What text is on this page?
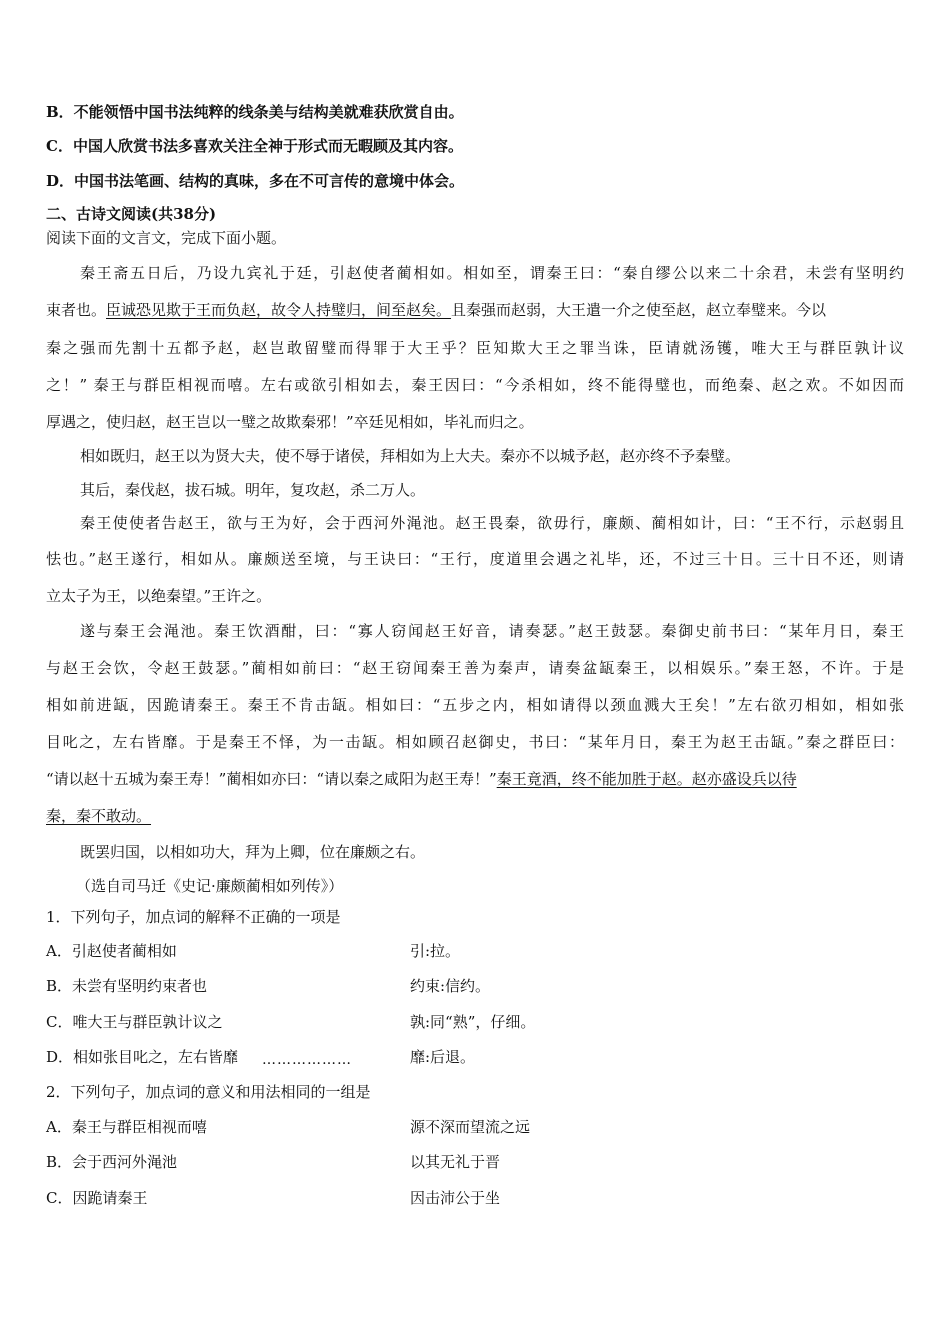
B．不能领悟中国书法纯粹的线条美与结构美就难获欣赏自由。
C．中国人欣赏书法多喜欢关注全神于形式而无暇顾及其内容。
D．中国书法笔画、结构的真味，多在不可言传的意境中体会。
二、古诗文阅读(共38分)
阅读下面的文言文，完成下面小题。
秦王斋五日后，乃设九宾礼于廷，引赵使者蔺相如。相如至，谓秦王曰：“秦自缪公以来二十余君，未尝有坚明约
束者也。臣诚恐见欺于王而负赵，故令人持璧归，间至赵矣。且秦强而赵弱，大王遣一介之使至赵，赵立奉璧来。今以
秦之强而先割十五都予赵，赵岂敢留璧而得罪于大王乎？臣知欺大王之罪当诛，臣请就汤镬，唯大王与群臣孰计议
之！” 秦王与群臣相视而嘻。左右或欲引相如去，秦王因曰：“今杀相如，终不能得璧也，而绝秦、赵之欢。不如因而
厚遇之，使归赵，赵王岂以一璧之故欺秦邪！”卒廷见相如，毕礼而归之。
相如既归，赵王以为贤大夫，使不辱于诸侯，拜相如为上大夫。秦亦不以城予赵，赵亦终不予秦璧。
其后，秦伐赵，拔石城。明年，复攻赵，杀二万人。
秦王使使者告赵王，欲与王为好，会于西河外渑池。赵王畏秦，欲毋行，廉颇、蔺相如计，曰：“王不行，示赵弱且
怯也。”赵王遂行，相如从。廉颇送至境，与王诀曰：“王行，度道里会遇之礼毕，还，不过三十日。三十日不还，则请
立太子为王，以绝秦望。”王许之。
遂与秦王会渑池。秦王饮酒酣，曰：“寡人窃闻赵王好音，请奏瑟。”赵王鼓瑟。秦御史前书曰：“某年月日，秦王
与赵王会饮，令赵王鼓瑟。”蔺相如前曰：“赵王窃闻秦王善为秦声，请奏盆缻秦王，以相娱乐。”秦王怒，不许。于是
相如前进缻，因跪请秦王。秦王不肯击缻。相如曰：“五步之内，相如请得以颈血溅大王矣！”左右欲刃相如，相如张
目叱之，左右皆靡。于是秦王不怿，为一击缻。相如顾召赵御史，书曰：“某年月日，秦王为赵王击缻。”秦之群臣曰：
“请以赵十五城为秦王寿！”蔺相如亦曰：“请以秦之咸阳为赵王寿！”秦王竟酒，终不能加胜于赵。赵亦盛设兵以待
秦，秦不敢动。
既罢归国，以相如功大，拜为上卿，位在廉颇之右。
（选自司马迁《史记·廉颇蔺相如列传》）
1．下列句子，加点词的解释不正确的一项是
A．引赵使者蔺相如	引:拉。
B．未尝有坚明约束者也	约束:信约。
C．唯大王与群臣孰计议之	孰:同“熟”，仔细。
D．相如张目叱之，左右皆靡 ………………	靡:后退。
2．下列句子，加点词的意义和用法相同的一组是
A．秦王与群臣相视而嘻	源不深而望流之远
B．会于西河外渑池	以其无礼于晋
C．因跪请秦王	因击沛公于坐
